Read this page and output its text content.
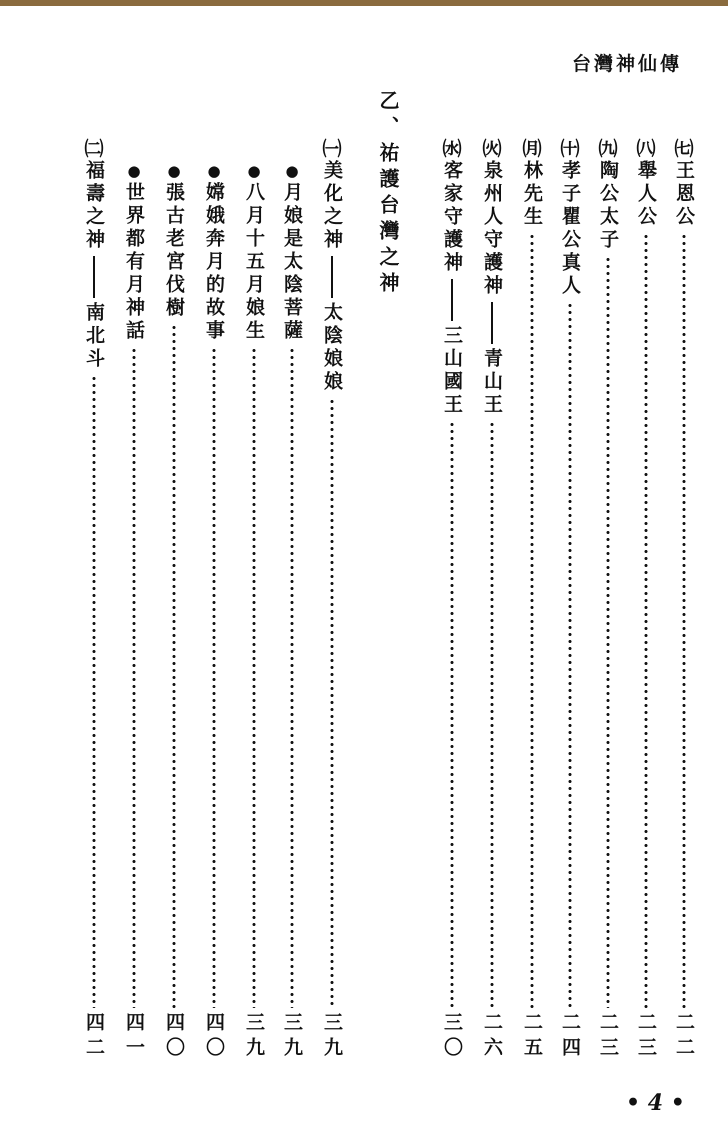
台灣神仙傳
㈦
王恩公
二二
㈧
舉人公
二三
㈨
陶公太子
二三
㈩
孝子瞿公真人
二四
㈪
林先生
二五
㈫
泉州人守護神
青山王
二六
㈬
客家守護神
三山國王
三〇
乙、祐護台灣之神
㈠
美化之神
太陰娘娘
三九
●
月娘是太陰菩薩
三九
●
八月十五月娘生
三九
●
嫦娥奔月的故事
四〇
●
張古老宮伐樹
四〇
●
世界都有月神話
四一
㈡
福壽之神
南北斗
四二
• 4 •
